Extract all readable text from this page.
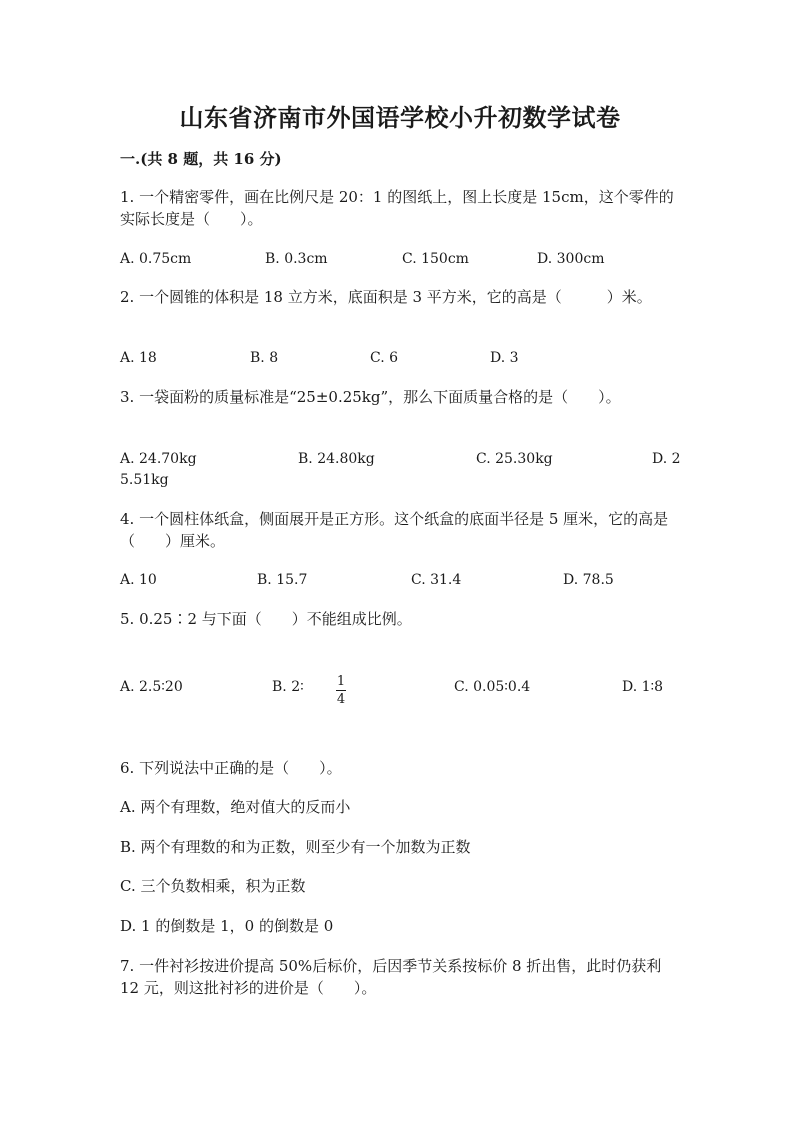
山东省济南市外国语学校小升初数学试卷
一.(共 8 题，共 16 分)
1. 一个精密零件，画在比例尺是 20：1 的图纸上，图上长度是 15cm，这个零件的实际长度是（　　）。
A. 0.75cm	B. 0.3cm	C. 150cm	D. 300cm
2. 一个圆锥的体积是 18 立方米，底面积是 3 平方米，它的高是（　　　）米。
A. 18	B. 8	C. 6	D. 3
3. 一袋面粉的质量标准是“25±0.25kg”，那么下面质量合格的是（　　）。
A. 24.70kg	B. 24.80kg	C. 25.30kg	D. 2
5.51kg
4. 一个圆柱体纸盒，侧面展开是正方形。这个纸盒的底面半径是 5 厘米，它的高是（　　）厘米。
A. 10	B. 15.7	C. 31.4	D. 78.5
5. 0.25∶2 与下面（　　）不能组成比例。
A. 2.5∶20	B. 2∶	C. 0.05∶0.4	D. 1∶8
1
4
6. 下列说法中正确的是（　　）。
A. 两个有理数，绝对值大的反而小
B. 两个有理数的和为正数，则至少有一个加数为正数
C. 三个负数相乘，积为正数
D. 1 的倒数是 1，0 的倒数是 0
7. 一件衬衫按进价提高 50%后标价，后因季节关系按标价 8 折出售，此时仍获利 12 元，则这批衬衫的进价是（　　）。
